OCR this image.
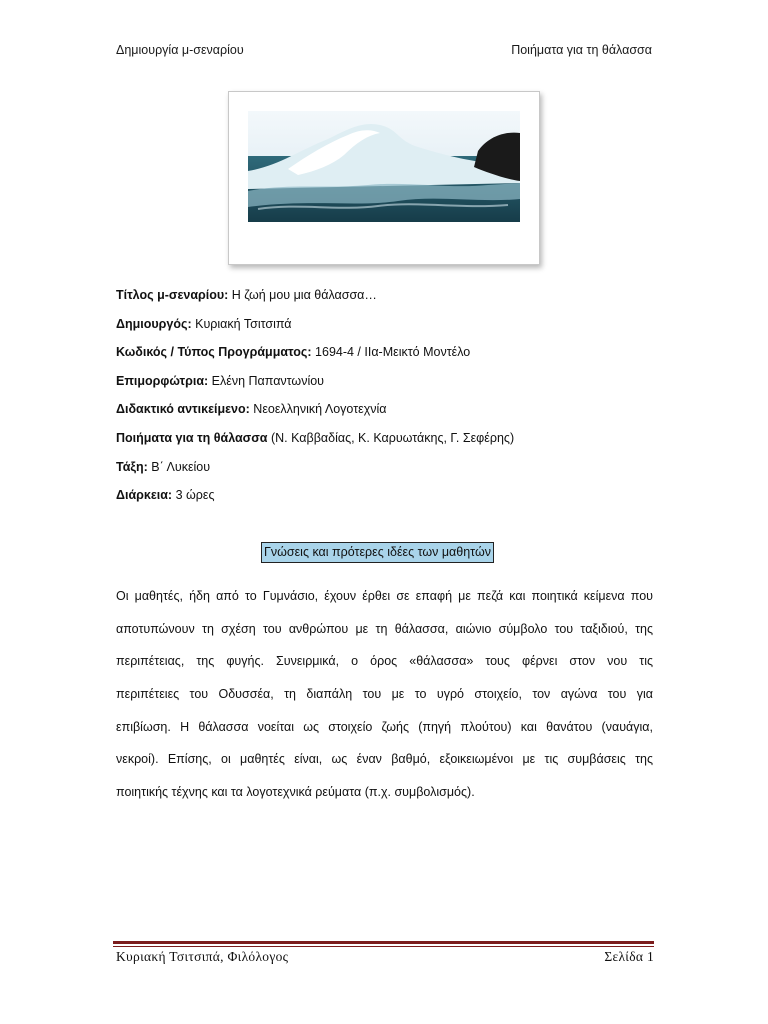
Δημιουργία μ-σεναρίου	Ποιήματα για τη θάλασσα
Τίτλος μ-σεναρίου: Η ζωή μου μια θάλασσα…
Δημιουργός: Κυριακή Τσιτσιπά
Κωδικός / Τύπος Προγράμματος: 1694-4 / ΙΙα-Μεικτό Μοντέλο
Επιμορφώτρια: Ελένη Παπαντωνίου
Διδακτικό αντικείμενο: Νεοελληνική Λογοτεχνία
Ποιήματα για τη θάλασσα (Ν. Καββαδίας, Κ. Καρυωτάκης, Γ. Σεφέρης)
Τάξη: Β΄ Λυκείου
Διάρκεια: 3 ώρες
Γνώσεις και πρότερες ιδέες των μαθητών
Οι μαθητές, ήδη από το Γυμνάσιο, έχουν έρθει σε επαφή με πεζά και ποιητικά κείμενα που
αποτυπώνουν τη σχέση του ανθρώπου με τη θάλασσα, αιώνιο σύμβολο του ταξιδιού, της
περιπέτειας, της φυγής. Συνειρμικά, ο όρος «θάλασσα» τους φέρνει στον νου τις
περιπέτειες του Οδυσσέα, τη διαπάλη του με το υγρό στοιχείο, τον αγώνα του για
επιβίωση. Η θάλασσα νοείται ως στοιχείο ζωής (πηγή πλούτου) και θανάτου (ναυάγια,
νεκροί). Επίσης, οι μαθητές είναι, ως έναν βαθμό, εξοικειωμένοι με τις συμβάσεις της
ποιητικής τέχνης και τα λογοτεχνικά ρεύματα (π.χ. συμβολισμός).
Κυριακή Τσιτσιπά, Φιλόλογος	Σελίδα 1
